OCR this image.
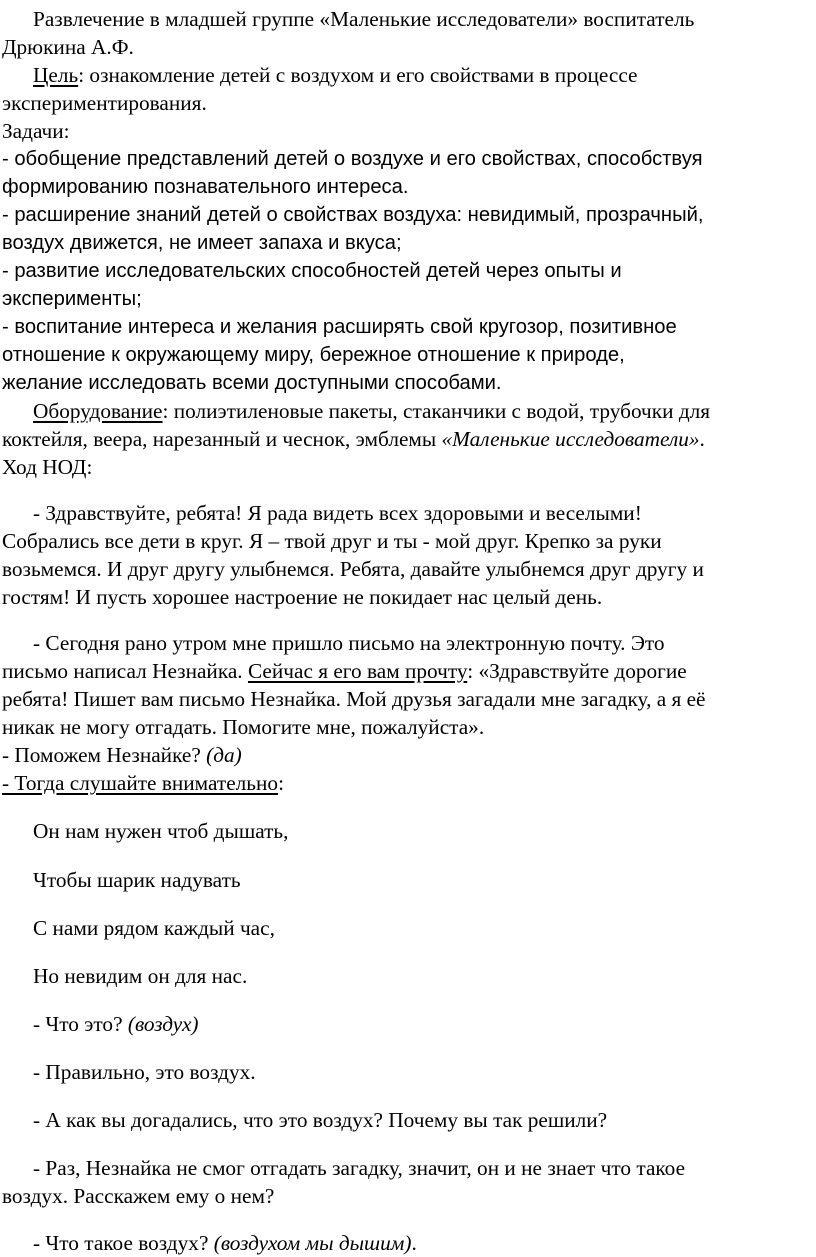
Развлечение в младшей группе «Маленькие исследователи» воспитатель
Дрюкина А.Ф.
Цель: ознакомление детей с воздухом и его свойствами в процессе
экспериментирования.
Задачи:
- обобщение представлений детей о воздухе и его свойствах, способствуя
формированию познавательного интереса.
- расширение знаний детей о свойствах воздуха: невидимый, прозрачный,
воздух движется, не имеет запаха и вкуса;
- развитие исследовательских способностей детей через опыты и
эксперименты;
- воспитание интереса и желания расширять свой кругозор, позитивное
отношение к окружающему миру, бережное отношение к природе,
желание исследовать всеми доступными способами.
Оборудование: полиэтиленовые пакеты, стаканчики с водой, трубочки для
коктейля, веера, нарезанный и чеснок, эмблемы «Маленькие исследователи».
Ход НОД:
- Здравствуйте, ребята! Я рада видеть всех здоровыми и веселыми!
Собрались все дети в круг. Я – твой друг и ты - мой друг. Крепко за руки
возьмемся. И друг другу улыбнемся. Ребята, давайте улыбнемся друг другу и
гостям! И пусть хорошее настроение не покидает нас целый день.
- Сегодня рано утром мне пришло письмо на электронную почту. Это
письмо написал Незнайка. Сейчас я его вам прочту: «Здравствуйте дорогие
ребята! Пишет вам письмо Незнайка. Мой друзья загадали мне загадку, а я её
никак не могу отгадать. Помогите мне, пожалуйста».
- Поможем Незнайке? (да)
- Тогда слушайте внимательно:
Он нам нужен чтоб дышать,
Чтобы шарик надувать
С нами рядом каждый час,
Но невидим он для нас.
- Что это? (воздух)
- Правильно, это воздух.
- А как вы догадались, что это воздух? Почему вы так решили?
- Раз, Незнайка не смог отгадать загадку, значит, он и не знает что такое
воздух. Расскажем ему о нем?
- Что такое воздух? (воздухом мы дышим).
